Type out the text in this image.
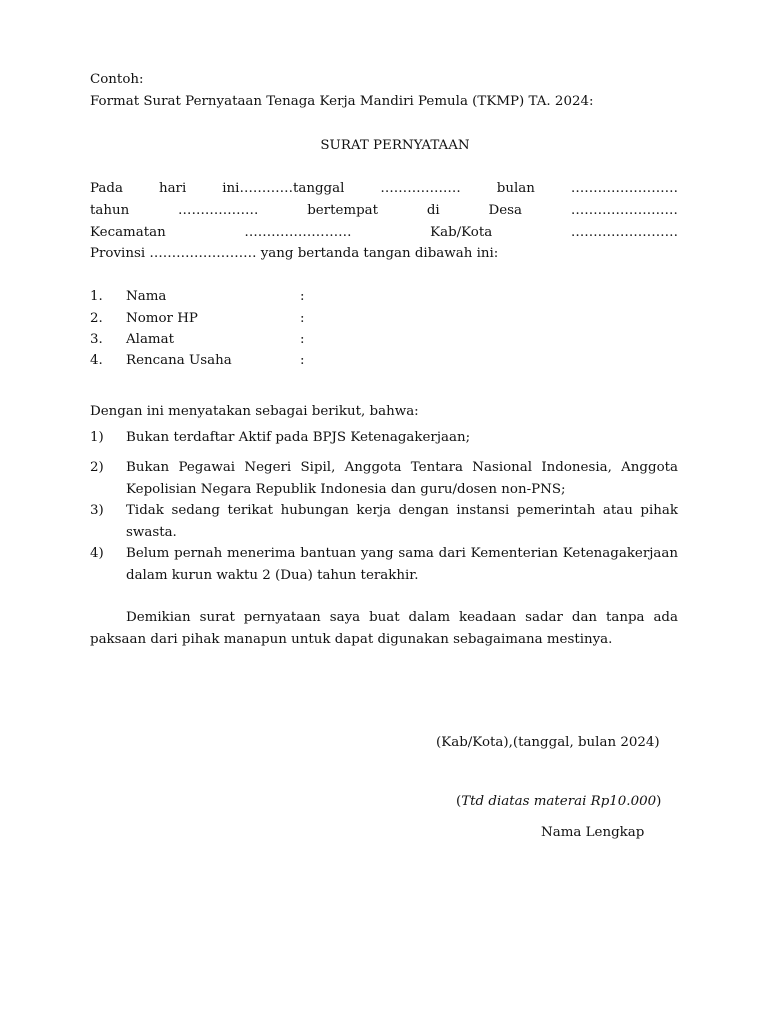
Contoh:
Format Surat Pernyataan Tenaga Kerja Mandiri Pemula (TKMP) TA. 2024:
SURAT PERNYATAAN
Pada	hari	ini…………tanggal	………………	bulan	……………………
tahun	………………	bertempat	di	Desa	……………………
Kecamatan	……………………	Kab/Kota	……………………
Provinsi …………………… yang bertanda tangan dibawah ini:
1. Nama	:
2. Nomor HP	:
3. Alamat	:
4. Rencana Usaha	:
Dengan ini menyatakan sebagai berikut, bahwa:
1) Bukan terdaftar Aktif pada BPJS Ketenagakerjaan;
2) Bukan Pegawai Negeri Sipil, Anggota Tentara Nasional Indonesia, Anggota Kepolisian Negara Republik Indonesia dan guru/dosen non-PNS;
3) Tidak sedang terikat hubungan kerja dengan instansi pemerintah atau pihak swasta.
4) Belum pernah menerima bantuan yang sama dari Kementerian Ketenagakerjaan dalam kurun waktu 2 (Dua) tahun terakhir.
Demikian surat pernyataan saya buat dalam keadaan sadar dan tanpa ada paksaan dari pihak manapun untuk dapat digunakan sebagaimana mestinya.
(Kab/Kota),(tanggal, bulan 2024)
(Ttd diatas materai Rp10.000)
Nama Lengkap
